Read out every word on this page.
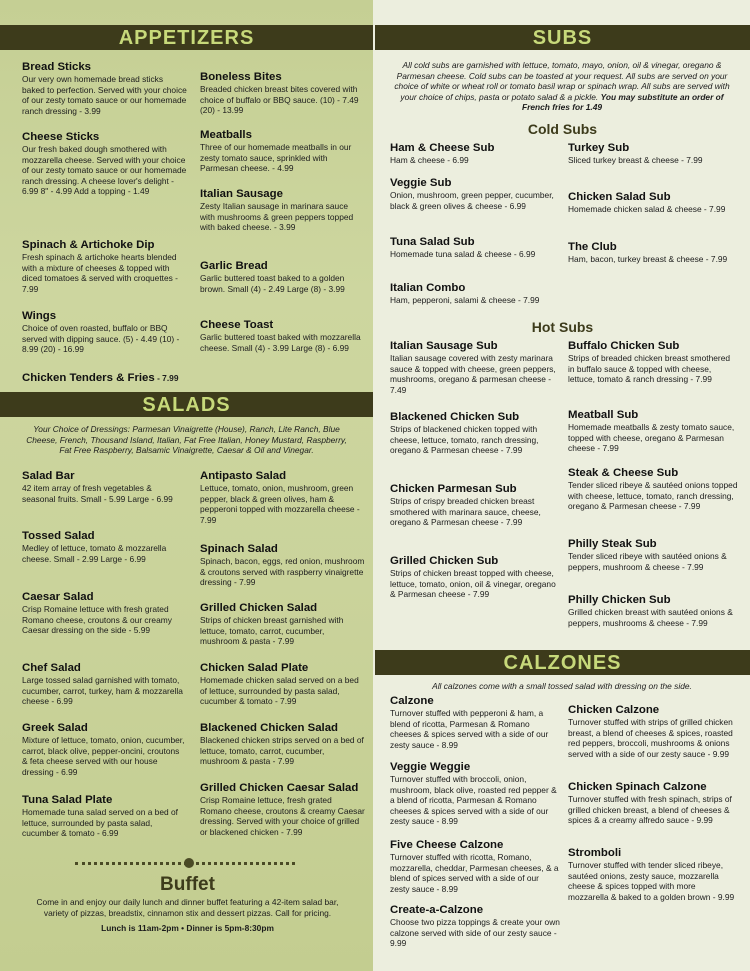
APPETIZERS
Bread Sticks
Our very own homemade bread sticks baked to perfection. Served with your choice of our zesty tomato sauce or our homemade ranch dressing - 3.99
Cheese Sticks
Our fresh baked dough smothered with mozzarella cheese. Served with your choice of our zesty tomato sauce or our homemade ranch dressing. A cheese lover's delight - 6.99 8" - 4.99 Add a topping - 1.49
Spinach & Artichoke Dip
Fresh spinach & artichoke hearts blended with a mixture of cheeses & topped with diced tomatoes & served with croquettes - 7.99
Wings
Choice of oven roasted, buffalo or BBQ served with dipping sauce. (5) - 4.49 (10) - 8.99 (20) - 16.99
Chicken Tenders & Fries - 7.99
Boneless Bites
Breaded chicken breast bites covered with choice of buffalo or BBQ sauce. (10) - 7.49 (20) - 13.99
Meatballs
Three of our homemade meatballs in our zesty tomato sauce, sprinkled with Parmesan cheese. - 4.99
Italian Sausage
Zesty Italian sausage in marinara sauce with mushrooms & green peppers topped with baked cheese. - 3.99
Garlic Bread
Garlic buttered toast baked to a golden brown. Small (4) - 2.49 Large (8) - 3.99
Cheese Toast
Garlic buttered toast baked with mozzarella cheese. Small (4) - 3.99 Large (8) - 6.99
SALADS
Your Choice of Dressings: Parmesan Vinaigrette (House), Ranch, Lite Ranch, Blue Cheese, French, Thousand Island, Italian, Fat Free Italian, Honey Mustard, Raspberry, Fat Free Raspberry, Balsamic Vinaigrette, Caesar & Oil and Vinegar.
Salad Bar
42 item array of fresh vegetables & seasonal fruits. Small - 5.99 Large - 6.99
Tossed Salad
Medley of lettuce, tomato & mozzarella cheese. Small - 2.99 Large - 6.99
Caesar Salad
Crisp Romaine lettuce with fresh grated Romano cheese, croutons & our creamy Caesar dressing on the side - 5.99
Chef Salad
Large tossed salad garnished with tomato, cucumber, carrot, turkey, ham & mozzarella cheese - 6.99
Greek Salad
Mixture of lettuce, tomato, onion, cucumber, carrot, black olive, pepper-oncini, croutons & feta cheese served with our house dressing - 6.99
Tuna Salad Plate
Homemade tuna salad served on a bed of lettuce, surrounded by pasta salad, cucumber & tomato - 6.99
Antipasto Salad
Lettuce, tomato, onion, mushroom, green pepper, black & green olives, ham & pepperoni topped with mozzarella cheese - 7.99
Spinach Salad
Spinach, bacon, eggs, red onion, mushroom & croutons served with raspberry vinaigrette dressing - 7.99
Grilled Chicken Salad
Strips of chicken breast garnished with lettuce, tomato, carrot, cucumber, mushroom & pasta - 7.99
Chicken Salad Plate
Homemade chicken salad served on a bed of lettuce, surrounded by pasta salad, cucumber & tomato - 7.99
Blackened Chicken Salad
Blackened chicken strips served on a bed of lettuce, tomato, carrot, cucumber, mushroom & pasta - 7.99
Grilled Chicken Caesar Salad
Crisp Romaine lettuce, fresh grated Romano cheese, croutons & creamy Caesar dressing. Served with your choice of grilled or blackened chicken - 7.99
Buffet
Come in and enjoy our daily lunch and dinner buffet featuring a 42-item salad bar, variety of pizzas, breadstix, cinnamon stix and dessert pizzas. Call for pricing.
Lunch is 11am-2pm • Dinner is 5pm-8:30pm
SUBS
All cold subs are garnished with lettuce, tomato, mayo, onion, oil & vinegar, oregano & Parmesan cheese. Cold subs can be toasted at your request. All subs are served on your choice of white or wheat roll or tomato basil wrap or spinach wrap. All subs are served with your choice of chips, pasta or potato salad & a pickle. You may substitute an order of French fries for 1.49
Cold Subs
Ham & Cheese Sub
Ham & cheese - 6.99
Veggie Sub
Onion, mushroom, green pepper, cucumber, black & green olives & cheese - 6.99
Tuna Salad Sub
Homemade tuna salad & cheese - 6.99
Italian Combo
Ham, pepperoni, salami & cheese - 7.99
Turkey Sub
Sliced turkey breast & cheese - 7.99
Chicken Salad Sub
Homemade chicken salad & cheese - 7.99
The Club
Ham, bacon, turkey breast & cheese - 7.99
Hot Subs
Italian Sausage Sub
Italian sausage covered with zesty marinara sauce & topped with cheese, green peppers, mushrooms, oregano & parmesan cheese - 7.49
Blackened Chicken Sub
Strips of blackened chicken topped with cheese, lettuce, tomato, ranch dressing, oregano & Parmesan cheese - 7.99
Chicken Parmesan Sub
Strips of crispy breaded chicken breast smothered with marinara sauce, cheese, oregano & Parmesan cheese - 7.99
Grilled Chicken Sub
Strips of chicken breast topped with cheese, lettuce, tomato, onion, oil & vinegar, oregano & Parmesan cheese - 7.99
Buffalo Chicken Sub
Strips of breaded chicken breast smothered in buffalo sauce & topped with cheese, lettuce, tomato & ranch dressing - 7.99
Meatball Sub
Homemade meatballs & zesty tomato sauce, topped with cheese, oregano & Parmesan cheese - 7.99
Steak & Cheese Sub
Tender sliced ribeye & sautéed onions topped with cheese, lettuce, tomato, ranch dressing, oregano & Parmesan cheese - 7.99
Philly Steak Sub
Tender sliced ribeye with sautéed onions & peppers, mushroom & cheese - 7.99
Philly Chicken Sub
Grilled chicken breast with sautéed onions & peppers, mushrooms & cheese - 7.99
CALZONES
All calzones come with a small tossed salad with dressing on the side.
Calzone
Turnover stuffed with pepperoni & ham, a blend of ricotta, Parmesan & Romano cheeses & spices served with a side of our zesty sauce - 8.99
Veggie Weggie
Turnover stuffed with broccoli, onion, mushroom, black olive, roasted red pepper & a blend of ricotta, Parmesan & Romano cheeses & spices served with a side of our zesty sauce - 8.99
Five Cheese Calzone
Turnover stuffed with ricotta, Romano, mozzarella, cheddar, Parmesan cheeses, & a blend of spices served with a side of our zesty sauce - 8.99
Create-a-Calzone
Choose two pizza toppings & create your own calzone served with side of our zesty sauce - 9.99
Chicken Calzone
Turnover stuffed with strips of grilled chicken breast, a blend of cheeses & spices, roasted red peppers, broccoli, mushrooms & onions served with a side of our zesty sauce - 9.99
Chicken Spinach Calzone
Turnover stuffed with fresh spinach, strips of grilled chicken breast, a blend of cheeses & spices & a creamy alfredo sauce - 9.99
Stromboli
Turnover stuffed with tender sliced ribeye, sautéed onions, zesty sauce, mozzarella cheese & spices topped with more mozzarella & baked to a golden brown - 9.99
